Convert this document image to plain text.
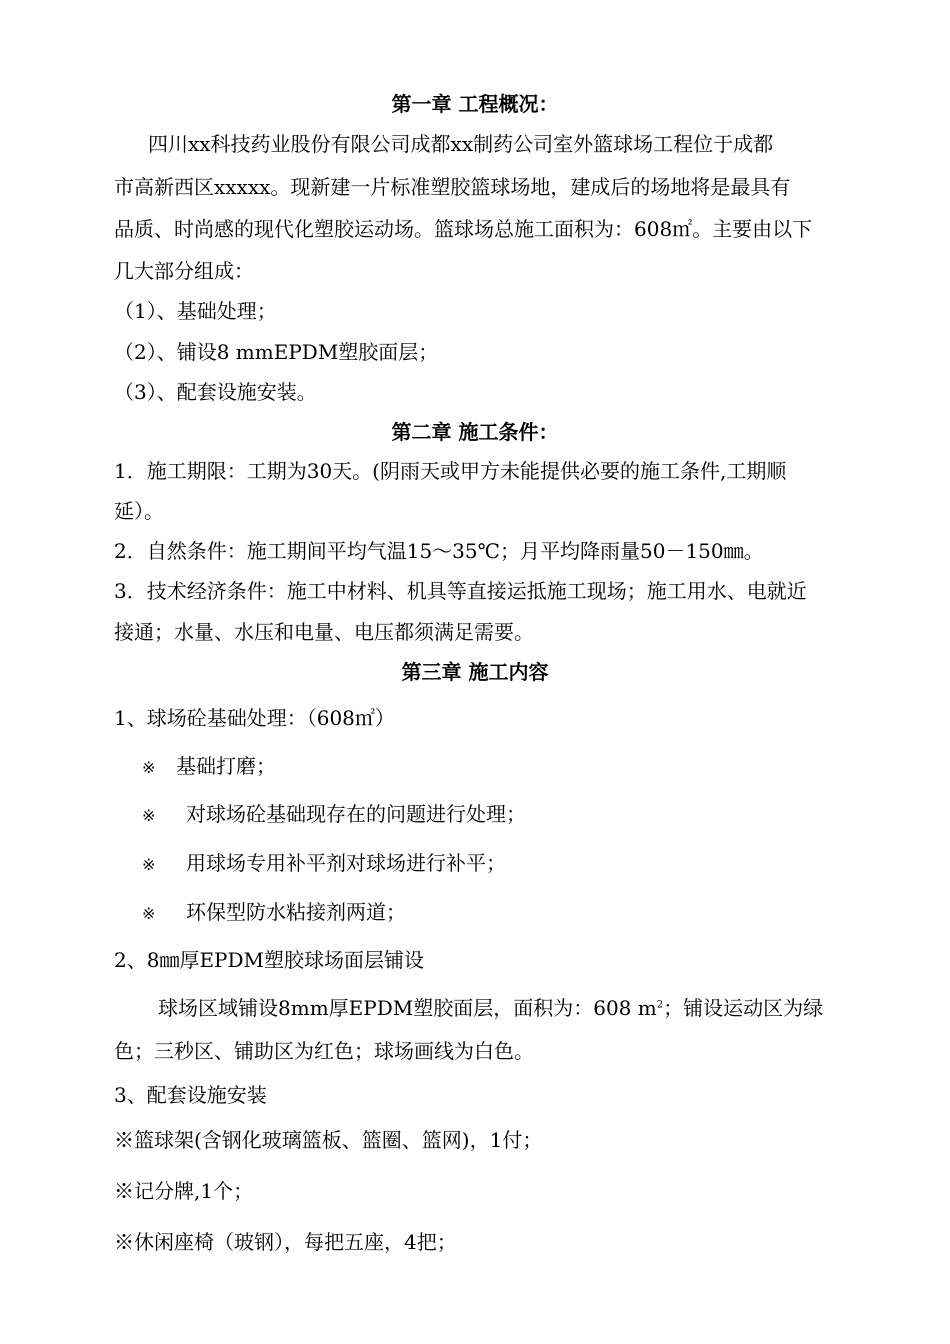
第一章 工程概况：
四川xx科技药业股份有限公司成都xx制药公司室外篮球场工程位于成都
市高新西区xxxxx。现新建一片标准塑胶篮球场地，建成后的场地将是最具有
品质、时尚感的现代化塑胶运动场。篮球场总施工面积为：608㎡。主要由以下
几大部分组成：
（1）、基础处理；
（2）、铺设8 mmEPDM塑胶面层；
（3）、配套设施安装。
第二章 施工条件：
1．施工期限：工期为30天。(阴雨天或甲方未能提供必要的施工条件,工期顺
延）。
2．自然条件：施工期间平均气温15～35℃；月平均降雨量50－150㎜。
3．技术经济条件：施工中材料、机具等直接运抵施工现场；施工用水、电就近
接通；水量、水压和电量、电压都须满足需要。
第三章 施工内容
1、球场砼基础处理：（608㎡）
※ 基础打磨；
※ 对球场砼基础现存在的问题进行处理；
※ 用球场专用补平剂对球场进行补平；
※ 环保型防水粘接剂两道；
2、8㎜厚EPDM塑胶球场面层铺设
球场区域铺设8mm厚EPDM塑胶面层，面积为：608 $m^2$；铺设运动区为绿
色；三秒区、铺助区为红色；球场画线为白色。
3、配套设施安装
※篮球架(含钢化玻璃篮板、篮圈、篮网)，1付；
※记分牌,1个；
※休闲座椅（玻钢），每把五座，4把；
